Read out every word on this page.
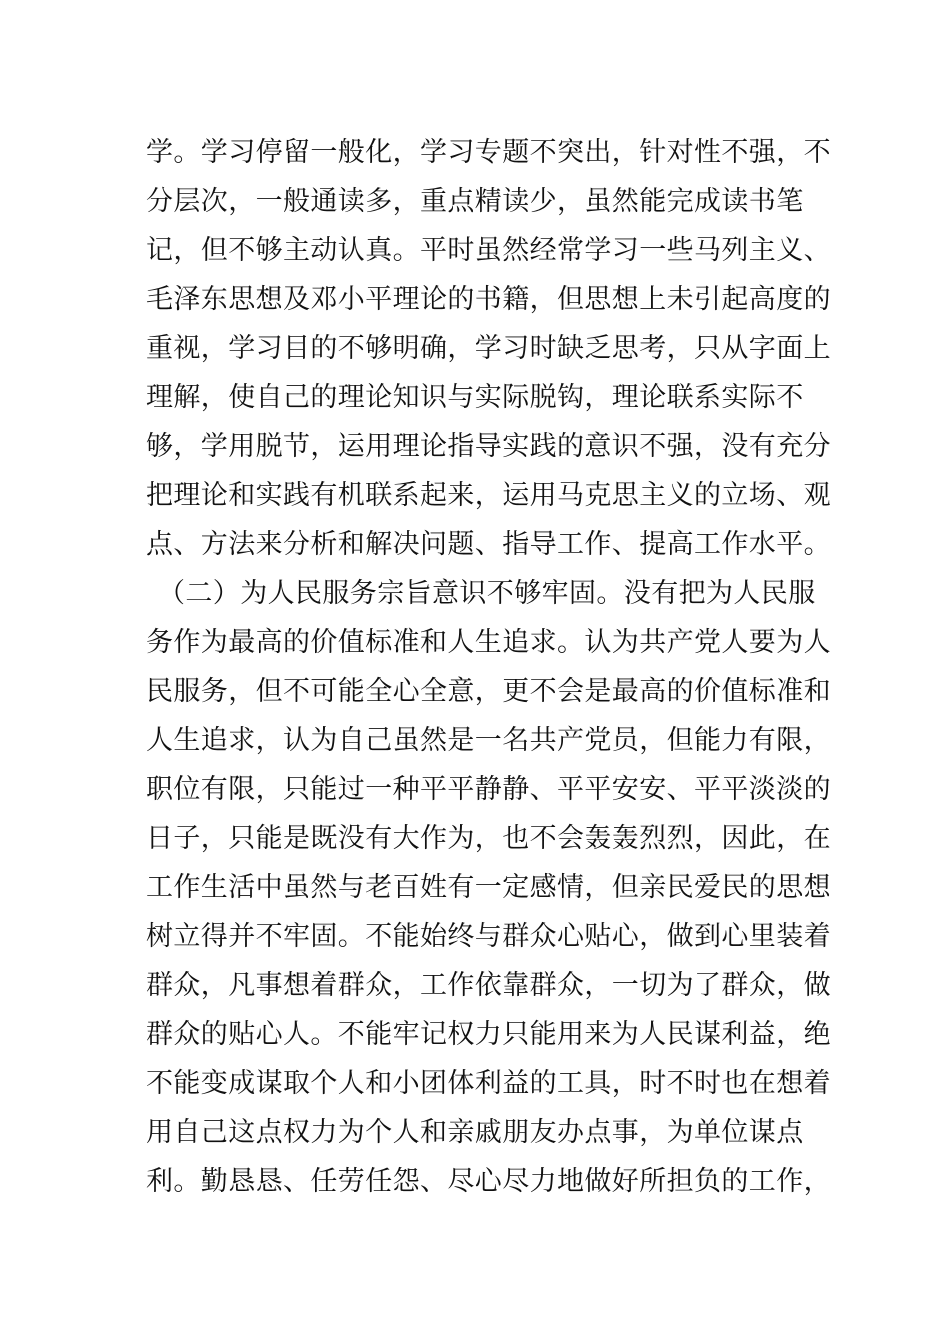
学。学习停留一般化，学习专题不突出，针对性不强，不
分层次，一般通读多，重点精读少，虽然能完成读书笔
记，但不够主动认真。平时虽然经常学习一些马列主义、
毛泽东思想及邓小平理论的书籍，但思想上未引起高度的
重视，学习目的不够明确，学习时缺乏思考，只从字面上
理解，使自己的理论知识与实际脱钩，理论联系实际不
够，学用脱节，运用理论指导实践的意识不强，没有充分
把理论和实践有机联系起来，运用马克思主义的立场、观
点、方法来分析和解决问题、指导工作、提高工作水平。
（二）为人民服务宗旨意识不够牢固。没有把为人民服
务作为最高的价值标准和人生追求。认为共产党人要为人
民服务，但不可能全心全意，更不会是最高的价值标准和
人生追求，认为自己虽然是一名共产党员，但能力有限，
职位有限，只能过一种平平静静、平平安安、平平淡淡的
日子，只能是既没有大作为，也不会轰轰烈烈，因此，在
工作生活中虽然与老百姓有一定感情，但亲民爱民的思想
树立得并不牢固。不能始终与群众心贴心，做到心里装着
群众，凡事想着群众，工作依靠群众，一切为了群众，做
群众的贴心人。不能牢记权力只能用来为人民谋利益，绝
不能变成谋取个人和小团体利益的工具，时不时也在想着
用自己这点权力为个人和亲戚朋友办点事，为单位谋点
利。勤恳恳、任劳任怨、尽心尽力地做好所担负的工作，
